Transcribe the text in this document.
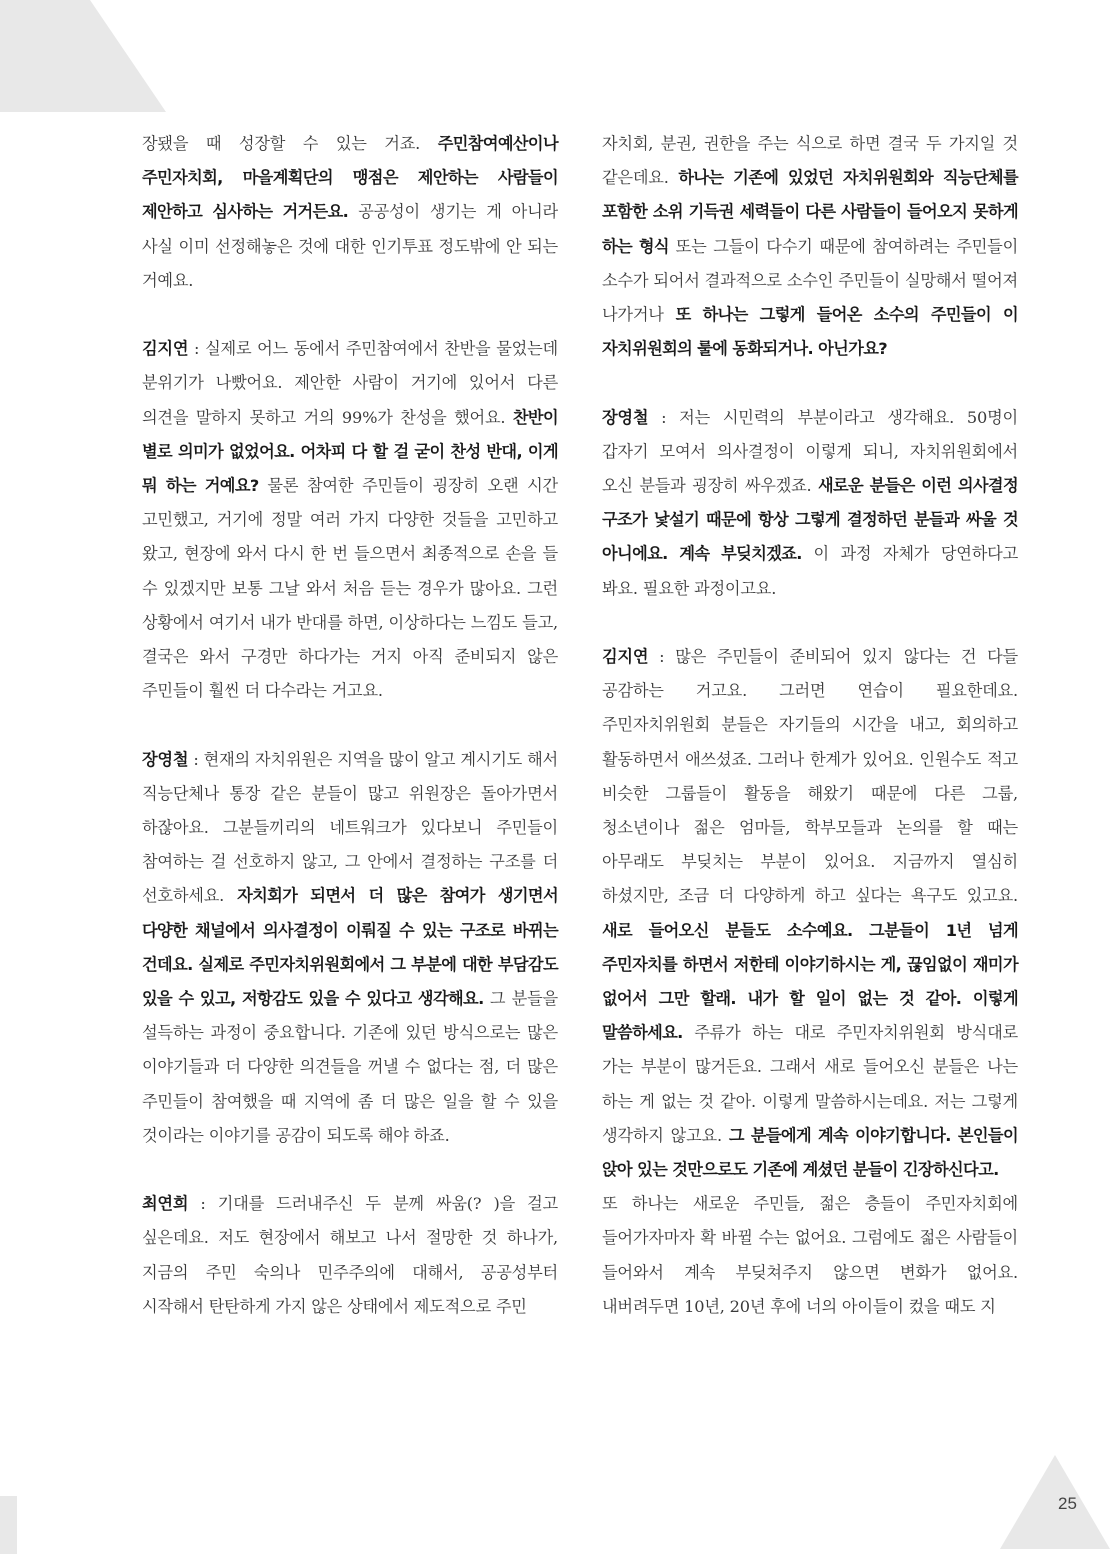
25

장됐을 때 성장할 수 있는 거죠. 주민참여예산이나 주민자치회, 마을계획단의 맹점은 제안하는 사람들이 제안하고 심사하는 거거든요. 공공성이 생기는 게 아니라 사실 이미 선정해놓은 것에 대한 인기투표 정도밖에 안 되는 거예요.

김지연 : 실제로 어느 동에서 주민참여에서 찬반을 물었는데 분위기가 나빴어요. 제안한 사람이 거기에 있어서 다른 의견을 말하지 못하고 거의 99%가 찬성을 했어요. 찬반이 별로 의미가 없었어요. 어차피 다 할 걸 굳이 찬성 반대, 이게 뭐 하는 거예요? 물론 참여한 주민들이 굉장히 오랜 시간 고민했고, 거기에 정말 여러 가지 다양한 것들을 고민하고 왔고, 현장에 와서 다시 한 번 들으면서 최종적으로 손을 들 수 있겠지만 보통 그날 와서 처음 듣는 경우가 많아요. 그런 상황에서 여기서 내가 반대를 하면, 이상하다는 느낌도 들고, 결국은 와서 구경만 하다가는 거지 아직 준비되지 않은 주민들이 훨씬 더 다수라는 거고요.

장영철 : 현재의 자치위원은 지역을 많이 알고 계시기도 해서 직능단체나 통장 같은 분들이 많고 위원장은 돌아가면서 하잖아요. 그분들끼리의 네트워크가 있다보니 주민들이 참여하는 걸 선호하지 않고, 그 안에서 결정하는 구조를 더 선호하세요. 자치회가 되면서 더 많은 참여가 생기면서 다양한 채널에서 의사결정이 이뤄질 수 있는 구조로 바뀌는 건데요. 실제로 주민자치위원회에서 그 부분에 대한 부담감도 있을 수 있고, 저항감도 있을 수 있다고 생각해요. 그 분들을 설득하는 과정이 중요합니다. 기존에 있던 방식으로는 많은 이야기들과 더 다양한 의견들을 꺼낼 수 없다는 점, 더 많은 주민들이 참여했을 때 지역에 좀 더 많은 일을 할 수 있을 것이라는 이야기를 공감이 되도록 해야 하죠.

최연희 : 기대를 드러내주신 두 분께 싸움(? )을 걸고 싶은데요. 저도 현장에서 해보고 나서 절망한 것 하나가, 지금의 주민 숙의나 민주주의에 대해서, 공공성부터 시작해서 탄탄하게 가지 않은 상태에서 제도적으로 주민

자치회, 분권, 권한을 주는 식으로 하면 결국 두 가지일 것 같은데요. 하나는 기존에 있었던 자치위원회와 직능단체를 포함한 소위 기득권 세력들이 다른 사람들이 들어오지 못하게 하는 형식 또는 그들이 다수기 때문에 참여하려는 주민들이 소수가 되어서 결과적으로 소수인 주민들이 실망해서 떨어져 나가거나 또 하나는 그렇게 들어온 소수의 주민들이 이 자치위원회의 룰에 동화되거나. 아닌가요?

장영철 : 저는 시민력의 부분이라고 생각해요. 50명이 갑자기 모여서 의사결정이 이렇게 되니, 자치위원회에서 오신 분들과 굉장히 싸우겠죠. 새로운 분들은 이런 의사결정 구조가 낯설기 때문에 항상 그렇게 결정하던 분들과 싸울 것 아니에요. 계속 부딪치겠죠. 이 과정 자체가 당연하다고 봐요. 필요한 과정이고요.

김지연 : 많은 주민들이 준비되어 있지 않다는 건 다들 공감하는 거고요. 그러면 연습이 필요한데요. 주민자치위원회 분들은 자기들의 시간을 내고, 회의하고 활동하면서 애쓰셨죠. 그러나 한계가 있어요. 인원수도 적고 비슷한 그룹들이 활동을 해왔기 때문에 다른 그룹, 청소년이나 젊은 엄마들, 학부모들과 논의를 할 때는 아무래도 부딪치는 부분이 있어요. 지금까지 열심히 하셨지만, 조금 더 다양하게 하고 싶다는 욕구도 있고요. 새로 들어오신 분들도 소수예요. 그분들이 1년 넘게 주민자치를 하면서 저한테 이야기하시는 게, 끊임없이 재미가 없어서 그만 할래. 내가 할 일이 없는 것 같아. 이렇게 말씀하세요. 주류가 하는 대로 주민자치위원회 방식대로 가는 부분이 많거든요. 그래서 새로 들어오신 분들은 나는 하는 게 없는 것 같아. 이렇게 말씀하시는데요. 저는 그렇게 생각하지 않고요. 그 분들에게 계속 이야기합니다. 본인들이 앉아 있는 것만으로도 기존에 계셨던 분들이 긴장하신다고.

또 하나는 새로운 주민들, 젊은 층들이 주민자치회에 들어가자마자 확 바뀔 수는 없어요. 그럼에도 젊은 사람들이 들어와서 계속 부딪쳐주지 않으면 변화가 없어요. 내버려두면 10년, 20년 후에 너의 아이들이 컸을 때도 지
